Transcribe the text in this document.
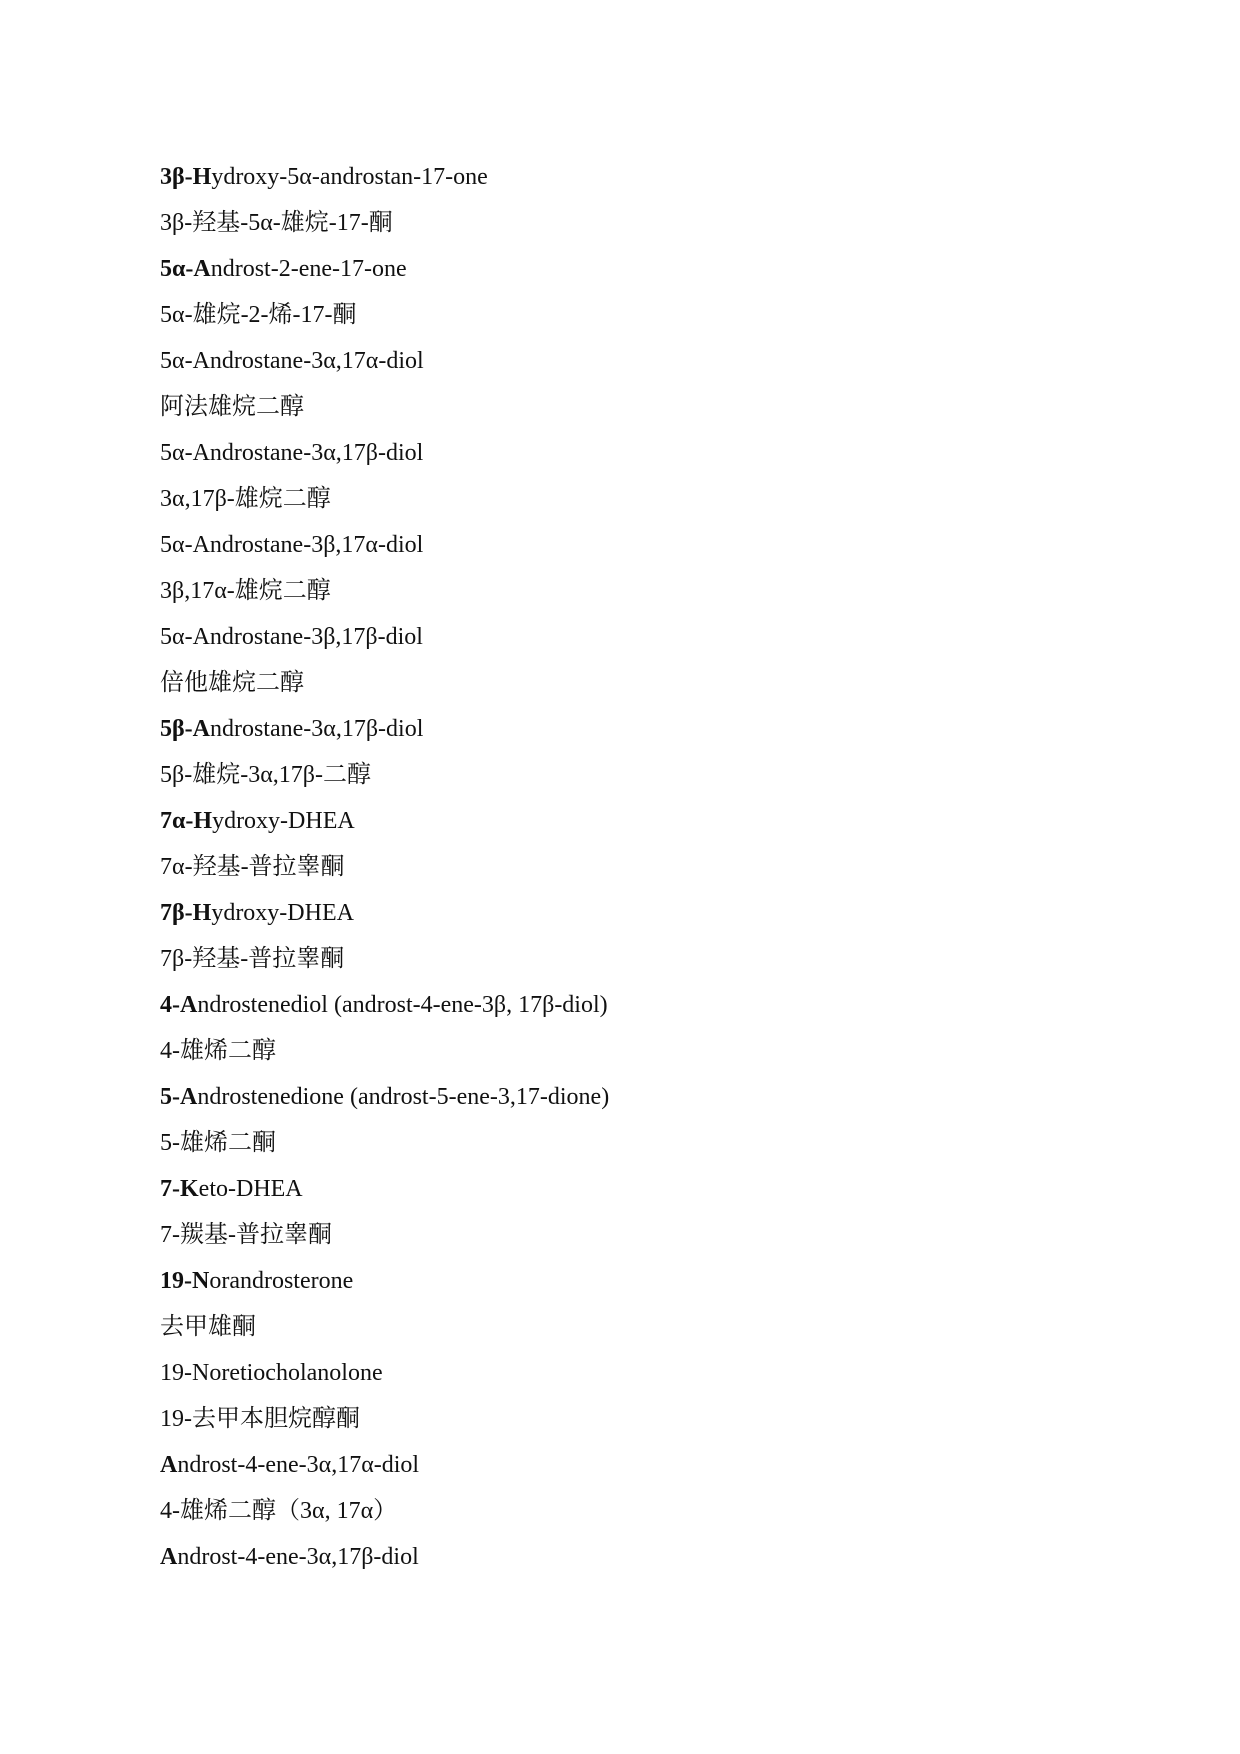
3β-Hydroxy-5α-androstan-17-one
3β-羟基-5α-雄烷-17-酮
5α-Androst-2-ene-17-one
5α-雄烷-2-烯-17-酮
5α-Androstane-3α,17α-diol
阿法雄烷二醇
5α-Androstane-3α,17β-diol
3α,17β-雄烷二醇
5α-Androstane-3β,17α-diol
3β,17α-雄烷二醇
5α-Androstane-3β,17β-diol
倍他雄烷二醇
5β-Androstane-3α,17β-diol
5β-雄烷-3α,17β-二醇
7α-Hydroxy-DHEA
7α-羟基-普拉睾酮
7β-Hydroxy-DHEA
7β-羟基-普拉睾酮
4-Androstenediol (androst-4-ene-3β, 17β-diol)
4-雄烯二醇
5-Androstenedione (androst-5-ene-3,17-dione)
5-雄烯二酮
7-Keto-DHEA
7-羰基-普拉睾酮
19-Norandrosterone
去甲雄酮
19-Noretiocholanolone
19-去甲本胆烷醇酮
Androst-4-ene-3α,17α-diol
4-雄烯二醇（3α, 17α）
Androst-4-ene-3α,17β-diol
